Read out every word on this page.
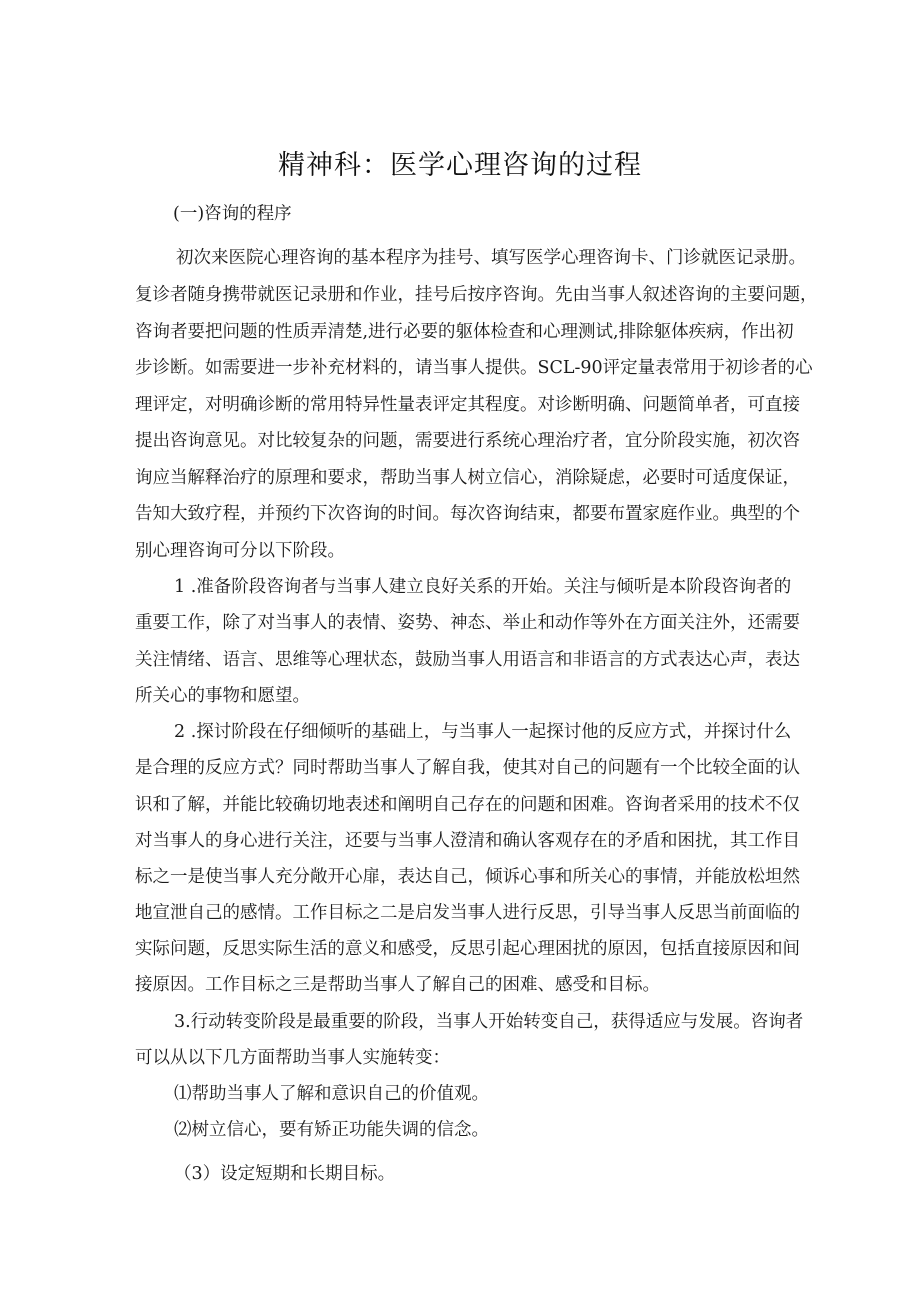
精神科：医学心理咨询的过程
(一)咨询的程序
初次来医院心理咨询的基本程序为挂号、填写医学心理咨询卡、门诊就医记录册。
复诊者随身携带就医记录册和作业，挂号后按序咨询。先由当事人叙述咨询的主要问题，
咨询者要把问题的性质弄清楚,进行必要的躯体检查和心理测试,排除躯体疾病，作出初
步诊断。如需要进一步补充材料的，请当事人提供。SCL-90评定量表常用于初诊者的心
理评定，对明确诊断的常用特异性量表评定其程度。对诊断明确、问题简单者，可直接
提出咨询意见。对比较复杂的问题，需要进行系统心理治疗者，宜分阶段实施，初次咨
询应当解释治疗的原理和要求，帮助当事人树立信心，消除疑虑，必要时可适度保证，
告知大致疗程，并预约下次咨询的时间。每次咨询结束，都要布置家庭作业。典型的个
别心理咨询可分以下阶段。
1 .准备阶段咨询者与当事人建立良好关系的开始。关注与倾听是本阶段咨询者的
重要工作，除了对当事人的表情、姿势、神态、举止和动作等外在方面关注外，还需要
关注情绪、语言、思维等心理状态，鼓励当事人用语言和非语言的方式表达心声，表达
所关心的事物和愿望。
2 .探讨阶段在仔细倾听的基础上，与当事人一起探讨他的反应方式，并探讨什么
是合理的反应方式？同时帮助当事人了解自我，使其对自己的问题有一个比较全面的认
识和了解，并能比较确切地表述和阐明自己存在的问题和困难。咨询者采用的技术不仅
对当事人的身心进行关注，还要与当事人澄清和确认客观存在的矛盾和困扰，其工作目
标之一是使当事人充分敞开心扉，表达自己，倾诉心事和所关心的事情，并能放松坦然
地宣泄自己的感情。工作目标之二是启发当事人进行反思，引导当事人反思当前面临的
实际问题，反思实际生活的意义和感受，反思引起心理困扰的原因，包括直接原因和间
接原因。工作目标之三是帮助当事人了解自己的困难、感受和目标。
3.行动转变阶段是最重要的阶段，当事人开始转变自己，获得适应与发展。咨询者
可以从以下几方面帮助当事人实施转变：
⑴帮助当事人了解和意识自己的价值观。
⑵树立信心，要有矫正功能失调的信念。
（3）设定短期和长期目标。
